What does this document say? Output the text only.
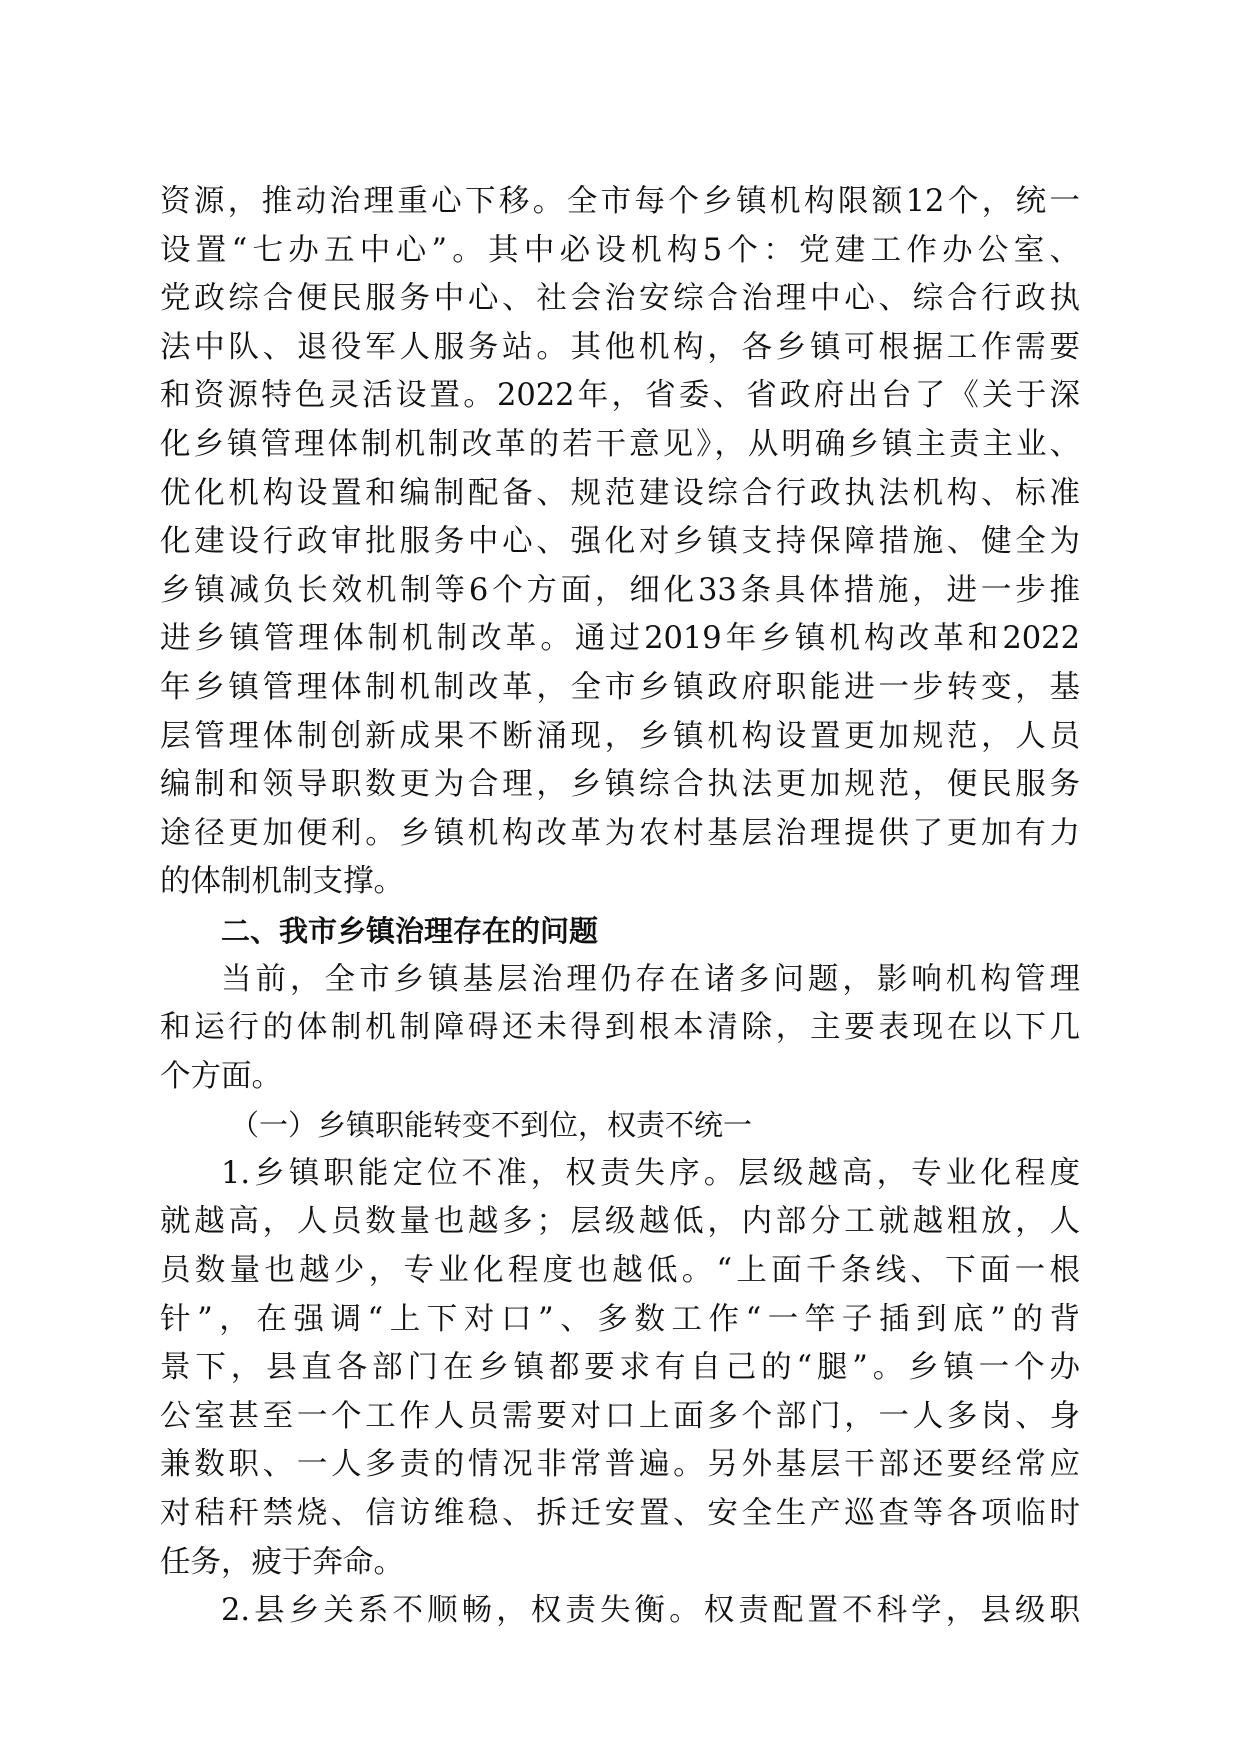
资源，推动治理重心下移。全市每个乡镇机构限额12个，统一
设置“七办五中心”。其中必设机构5个：党建工作办公室、
党政综合便民服务中心、社会治安综合治理中心、综合行政执
法中队、退役军人服务站。其他机构，各乡镇可根据工作需要
和资源特色灵活设置。2022年，省委、省政府出台了《关于深
化乡镇管理体制机制改革的若干意见》，从明确乡镇主责主业、
优化机构设置和编制配备、规范建设综合行政执法机构、标准
化建设行政审批服务中心、强化对乡镇支持保障措施、健全为
乡镇减负长效机制等6个方面，细化33条具体措施，进一步推
进乡镇管理体制机制改革。通过2019年乡镇机构改革和2022
年乡镇管理体制机制改革，全市乡镇政府职能进一步转变，基
层管理体制创新成果不断涌现，乡镇机构设置更加规范，人员
编制和领导职数更为合理，乡镇综合执法更加规范，便民服务
途径更加便利。乡镇机构改革为农村基层治理提供了更加有力
的体制机制支撑。
二、我市乡镇治理存在的问题
当前，全市乡镇基层治理仍存在诸多问题，影响机构管理
和运行的体制机制障碍还未得到根本清除，主要表现在以下几
个方面。
（一）乡镇职能转变不到位，权责不统一
1.乡镇职能定位不准，权责失序。层级越高，专业化程度
就越高，人员数量也越多；层级越低，内部分工就越粗放，人
员数量也越少，专业化程度也越低。“上面千条线、下面一根
针”，在强调“上下对口”、多数工作“一竿子插到底”的背
景下，县直各部门在乡镇都要求有自己的“腿”。乡镇一个办
公室甚至一个工作人员需要对口上面多个部门，一人多岗、身
兼数职、一人多责的情况非常普遍。另外基层干部还要经常应
对秸秆禁烧、信访维稳、拆迁安置、安全生产巡查等各项临时
任务，疲于奔命。
2.县乡关系不顺畅，权责失衡。权责配置不科学，县级职
